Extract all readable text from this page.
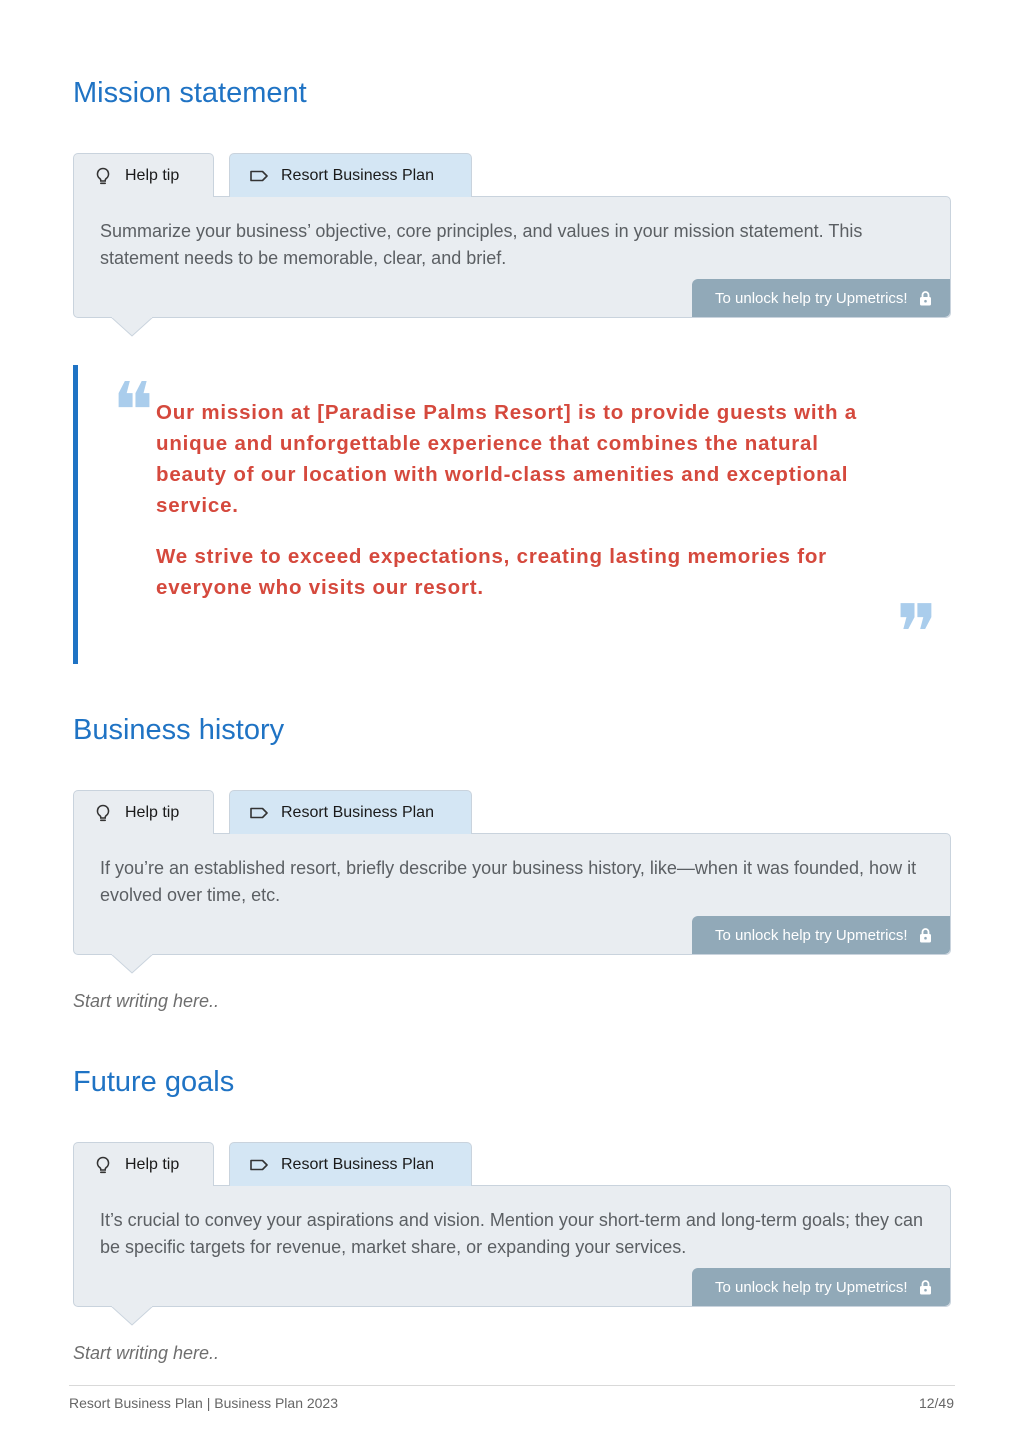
Mission statement
Help tip	Resort Business Plan

Summarize your business’ objective, core principles, and values in your mission statement. This statement needs to be memorable, clear, and brief.

To unlock help try Upmetrics!
❝ Our mission at [Paradise Palms Resort] is to provide guests with a unique and unforgettable experience that combines the natural beauty of our location with world-class amenities and exceptional service.

We strive to exceed expectations, creating lasting memories for everyone who visits our resort.

❞
Business history
Help tip	Resort Business Plan

If you’re an established resort, briefly describe your business history, like—when it was founded, how it evolved over time, etc.

To unlock help try Upmetrics!

Start writing here..

Future goals
Help tip	Resort Business Plan

It’s crucial to convey your aspirations and vision. Mention your short-term and long-term goals; they can be specific targets for revenue, market share, or expanding your services.

To unlock help try Upmetrics!

Start writing here..

Resort Business Plan | Business Plan 2023	12/49
